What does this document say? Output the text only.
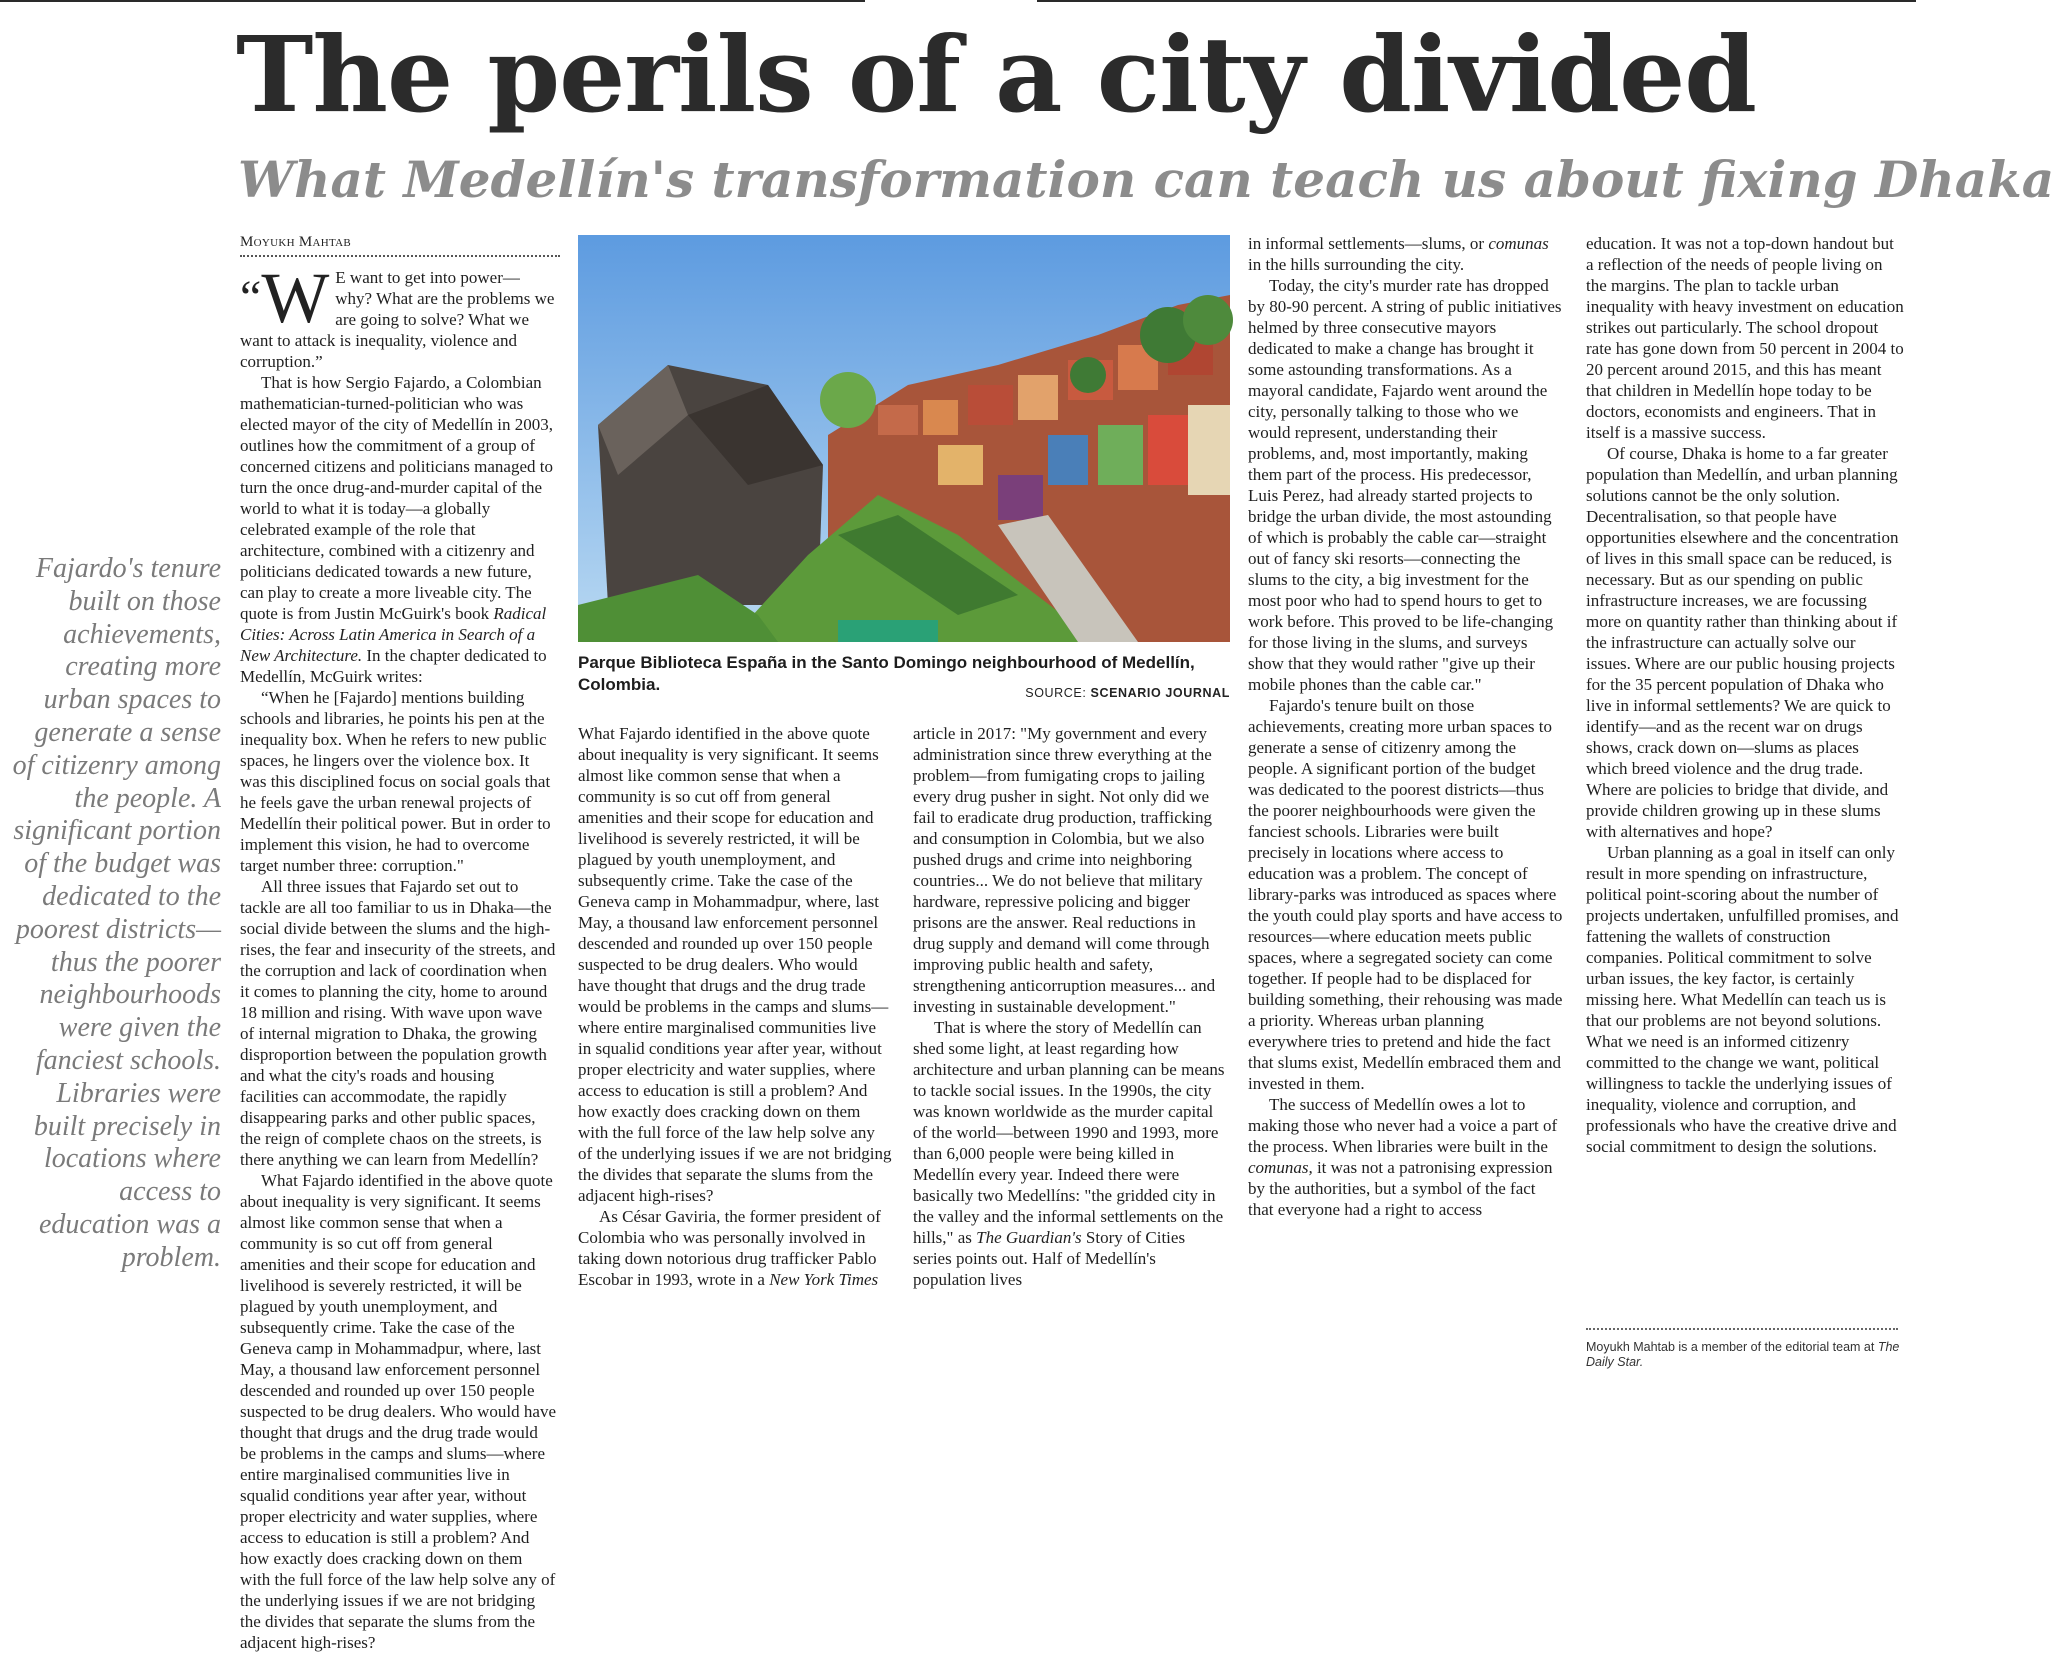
The perils of a city divided
What Medellín's transformation can teach us about fixing Dhaka
Fajardo's tenure built on those achievements, creating more urban spaces to generate a sense of citizenry among the people. A significant portion of the budget was dedicated to the poorest districts—thus the poorer neighbourhoods were given the fanciest schools. Libraries were built precisely in locations where access to education was a problem.
Moyukh Mahtab

“W E want to get into power—why? What are the problems we are going to solve? What we want to attack is inequality, violence and corruption.”

That is how Sergio Fajardo, a Colombian mathematician-turned-politician who was elected mayor of the city of Medellín in 2003, outlines how the commitment of a group of concerned citizens and politicians managed to turn the once drug-and-murder capital of the world to what it is today—a globally celebrated example of the role that architecture, combined with a citizenry and politicians dedicated towards a new future, can play to create a more liveable city. The quote is from Justin McGuirk's book Radical Cities: Across Latin America in Search of a New Architecture. In the chapter dedicated to Medellín, McGuirk writes:

“When he [Fajardo] mentions building schools and libraries, he points his pen at the inequality box. When he refers to new public spaces, he lingers over the violence box. It was this disciplined focus on social goals that he feels gave the urban renewal projects of Medellín their political power. But in order to implement this vision, he had to overcome target number three: corruption."

All three issues that Fajardo set out to tackle are all too familiar to us in Dhaka—the social divide between the slums and the high-rises, the fear and insecurity of the streets, and the corruption and lack of coordination when it comes to planning the city, home to around 18 million and rising. With wave upon wave of internal migration to Dhaka, the growing disproportion between the population growth and what the city's roads and housing facilities can accommodate, the rapidly disappearing parks and other public spaces, the reign of complete chaos on the streets, is there anything we can learn from Medellín?

What Fajardo identified in the above quote about inequality is very significant. It seems almost like common sense that when a community is so cut off from general amenities and their scope for education and livelihood is severely restricted, it will be plagued by youth unemployment, and subsequently crime. Take the case of the Geneva camp in Mohammadpur, where, last May, a thousand law enforcement personnel descended and rounded up over 150 people suspected to be drug dealers. Who would have thought that drugs and the drug trade would be problems in the camps and slums—where entire marginalised communities live in squalid conditions year after year, without proper electricity and water supplies, where access to education is still a problem? And how exactly does cracking down on them with the full force of the law help solve any of the underlying issues if we are not bridging the divides that separate the slums from the adjacent high-rises?

Parque Biblioteca España in the Santo Domingo neighbourhood of Medellín, Colombia.	SOURCE: SCENARIO JOURNAL

What Fajardo identified in the above quote about inequality is very significant. It seems almost like common sense that when a community is so cut off from general amenities and their scope for education and livelihood is severely restricted, it will be plagued by youth unemployment, and subsequently crime. Take the case of the Geneva camp in Mohammadpur, where, last May, a thousand law enforcement personnel descended and rounded up over 150 people suspected to be drug dealers. Who would have thought that drugs and the drug trade would be problems in the camps and slums—where entire marginalised communities live in squalid conditions year after year, without proper electricity and water supplies, where access to education is still a problem? And how exactly does cracking down on them with the full force of the law help solve any of the underlying issues if we are not bridging the divides that separate the slums from the adjacent high-rises?

As César Gaviria, the former president of Colombia who was personally involved in taking down notorious drug trafficker Pablo Escobar in 1993, wrote in a New York Times

article in 2017: "My government and every administration since threw everything at the problem—from fumigating crops to jailing every drug pusher in sight. Not only did we fail to eradicate drug production, trafficking and consumption in Colombia, but we also pushed drugs and crime into neighboring countries... We do not believe that military hardware, repressive policing and bigger prisons are the answer. Real reductions in drug supply and demand will come through improving public health and safety, strengthening anticorruption measures... and investing in sustainable development."

That is where the story of Medellín can shed some light, at least regarding how architecture and urban planning can be means to tackle social issues. In the 1990s, the city was known worldwide as the murder capital of the world—between 1990 and 1993, more than 6,000 people were being killed in Medellín every year. Indeed there were basically two Medellíns: "the gridded city in the valley and the informal settlements on the hills," as The Guardian's Story of Cities series points out. Half of Medellín's population lives

in informal settlements—slums, or comunas in the hills surrounding the city.

Today, the city's murder rate has dropped by 80-90 percent. A string of public initiatives helmed by three consecutive mayors dedicated to make a change has brought it some astounding transformations. As a mayoral candidate, Fajardo went around the city, personally talking to those who we would represent, understanding their problems, and, most importantly, making them part of the process. His predecessor, Luis Perez, had already started projects to bridge the urban divide, the most astounding of which is probably the cable car—straight out of fancy ski resorts—connecting the slums to the city, a big investment for the most poor who had to spend hours to get to work before. This proved to be life-changing for those living in the slums, and surveys show that they would rather "give up their mobile phones than the cable car."

Fajardo's tenure built on those achievements, creating more urban spaces to generate a sense of citizenry among the people. A significant portion of the budget was dedicated to the poorest districts—thus the poorer neighbourhoods were given the fanciest schools. Libraries were built precisely in locations where access to education was a problem. The concept of library-parks was introduced as spaces where the youth could play sports and have access to resources—where education meets public spaces, where a segregated society can come together. If people had to be displaced for building something, their rehousing was made a priority. Whereas urban planning everywhere tries to pretend and hide the fact that slums exist, Medellín embraced them and invested in them.

The success of Medellín owes a lot to making those who never had a voice a part of the process. When libraries were built in the comunas, it was not a patronising expression by the authorities, but a symbol of the fact that everyone had a right to access

education. It was not a top-down handout but a reflection of the needs of people living on the margins. The plan to tackle urban inequality with heavy investment on education strikes out particularly. The school dropout rate has gone down from 50 percent in 2004 to 20 percent around 2015, and this has meant that children in Medellín hope today to be doctors, economists and engineers. That in itself is a massive success.

Of course, Dhaka is home to a far greater population than Medellín, and urban planning solutions cannot be the only solution. Decentralisation, so that people have opportunities elsewhere and the concentration of lives in this small space can be reduced, is necessary. But as our spending on public infrastructure increases, we are focussing more on quantity rather than thinking about if the infrastructure can actually solve our issues. Where are our public housing projects for the 35 percent population of Dhaka who live in informal settlements? We are quick to identify—and as the recent war on drugs shows, crack down on—slums as places which breed violence and the drug trade. Where are policies to bridge that divide, and provide children growing up in these slums with alternatives and hope?

Urban planning as a goal in itself can only result in more spending on infrastructure, political point-scoring about the number of projects undertaken, unfulfilled promises, and fattening the wallets of construction companies. Political commitment to solve urban issues, the key factor, is certainly missing here. What Medellín can teach us is that our problems are not beyond solutions. What we need is an informed citizenry committed to the change we want, political willingness to tackle the underlying issues of inequality, violence and corruption, and professionals who have the creative drive and social commitment to design the solutions.

Moyukh Mahtab is a member of the editorial team at The Daily Star.
